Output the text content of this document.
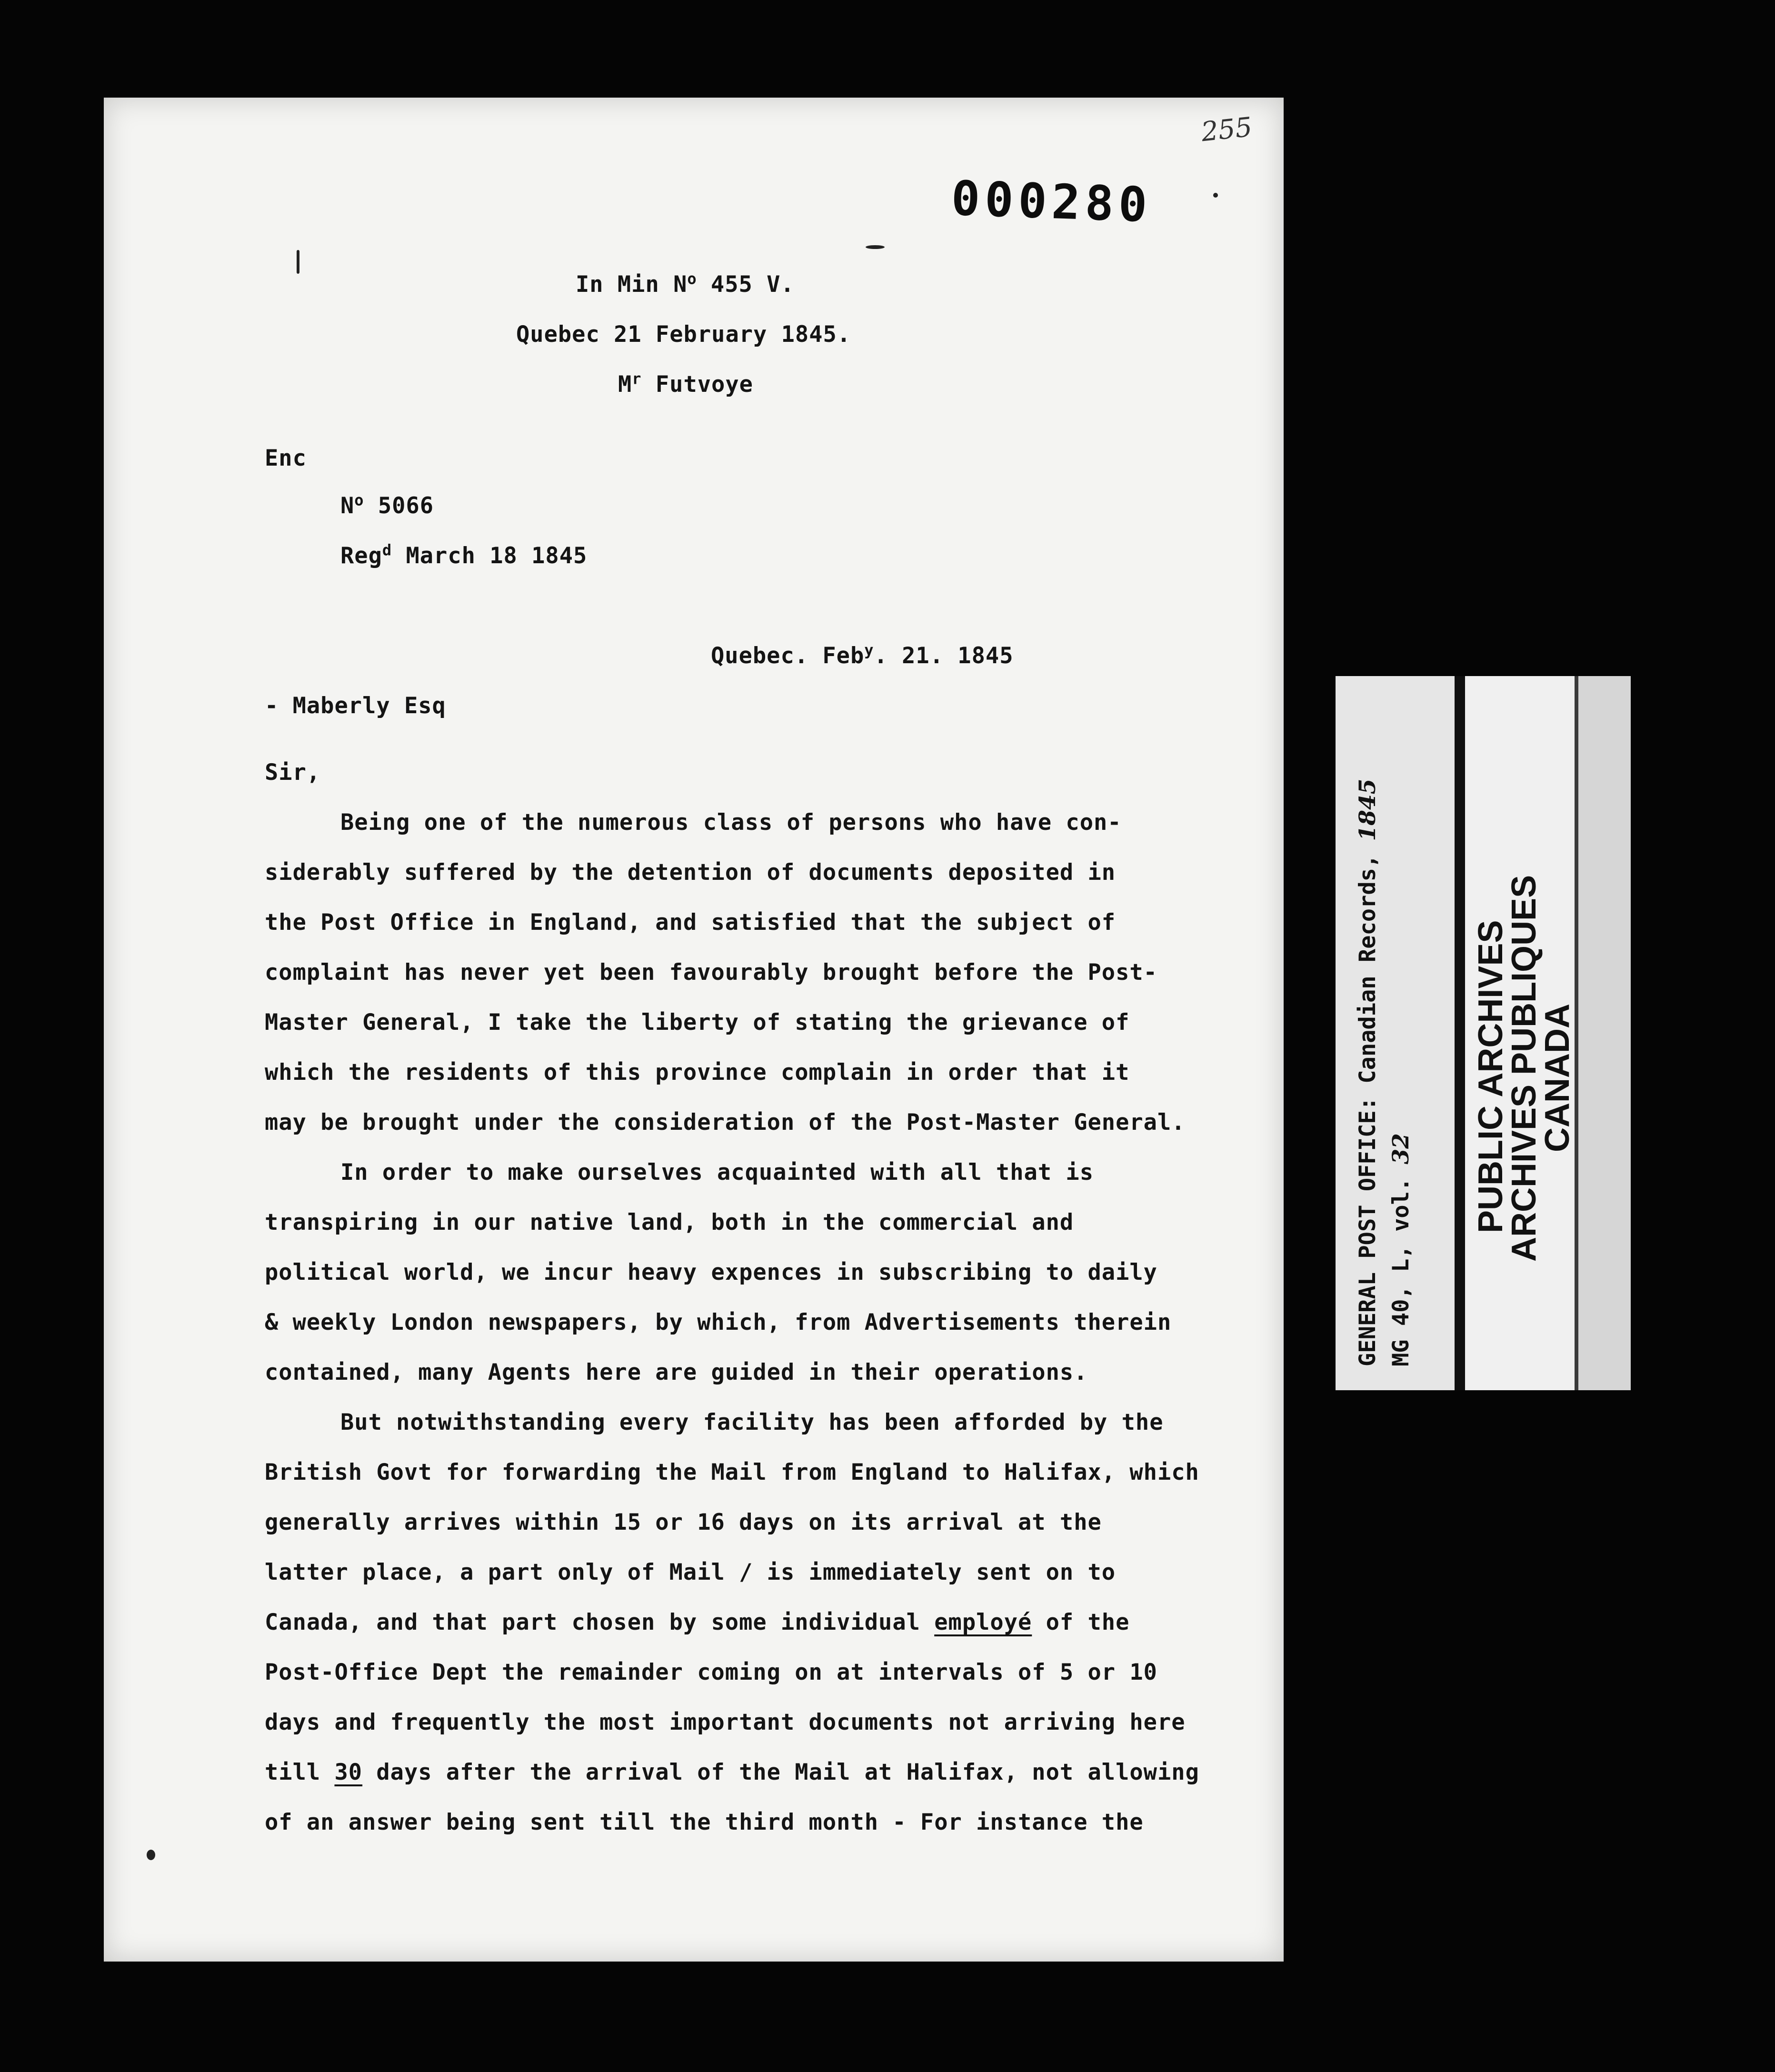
255
000280
In Min $N^o$ 455 V.
Quebec 21 February 1845.
$M^r$ Futvoye
Enc
$N^o$ 5066
Reg$^d$ March 18 1845
Quebec. Feb$^y$. 21. 1845
- Maberly Esq
Sir,
Being one of the numerous class of persons who have con-
siderably suffered by the detention of documents deposited in
the Post Office in England, and satisfied that the subject of
complaint has never yet been favourably brought before the Post-
Master General, I take the liberty of stating the grievance of
which the residents of this province complain in order that it
may be brought under the consideration of the Post-Master General.
In order to make ourselves acquainted with all that is
transpiring in our native land, both in the commercial and
political world, we incur heavy expences in subscribing to daily
& weekly London newspapers, by which, from Advertisements therein
contained, many Agents here are guided in their operations.
But notwithstanding every facility has been afforded by the
British Govt for forwarding the Mail from England to Halifax, which
generally arrives within 15 or 16 days on its arrival at the
latter place, a part only of Mail / is immediately sent on to
Canada, and that part chosen by some individual employé of the
Post-Office Dept the remainder coming on at intervals of 5 or 10
days and frequently the most important documents not arriving here
till 30 days after the arrival of the Mail at Halifax, not allowing
of an answer being sent till the third month - For instance the
GENERAL POST OFFICE: Canadian Records, 1845
MG 40, L, vol. 32 PUBLIC ARCHIVES
ARCHIVES PUBLIQUES
CANADA
